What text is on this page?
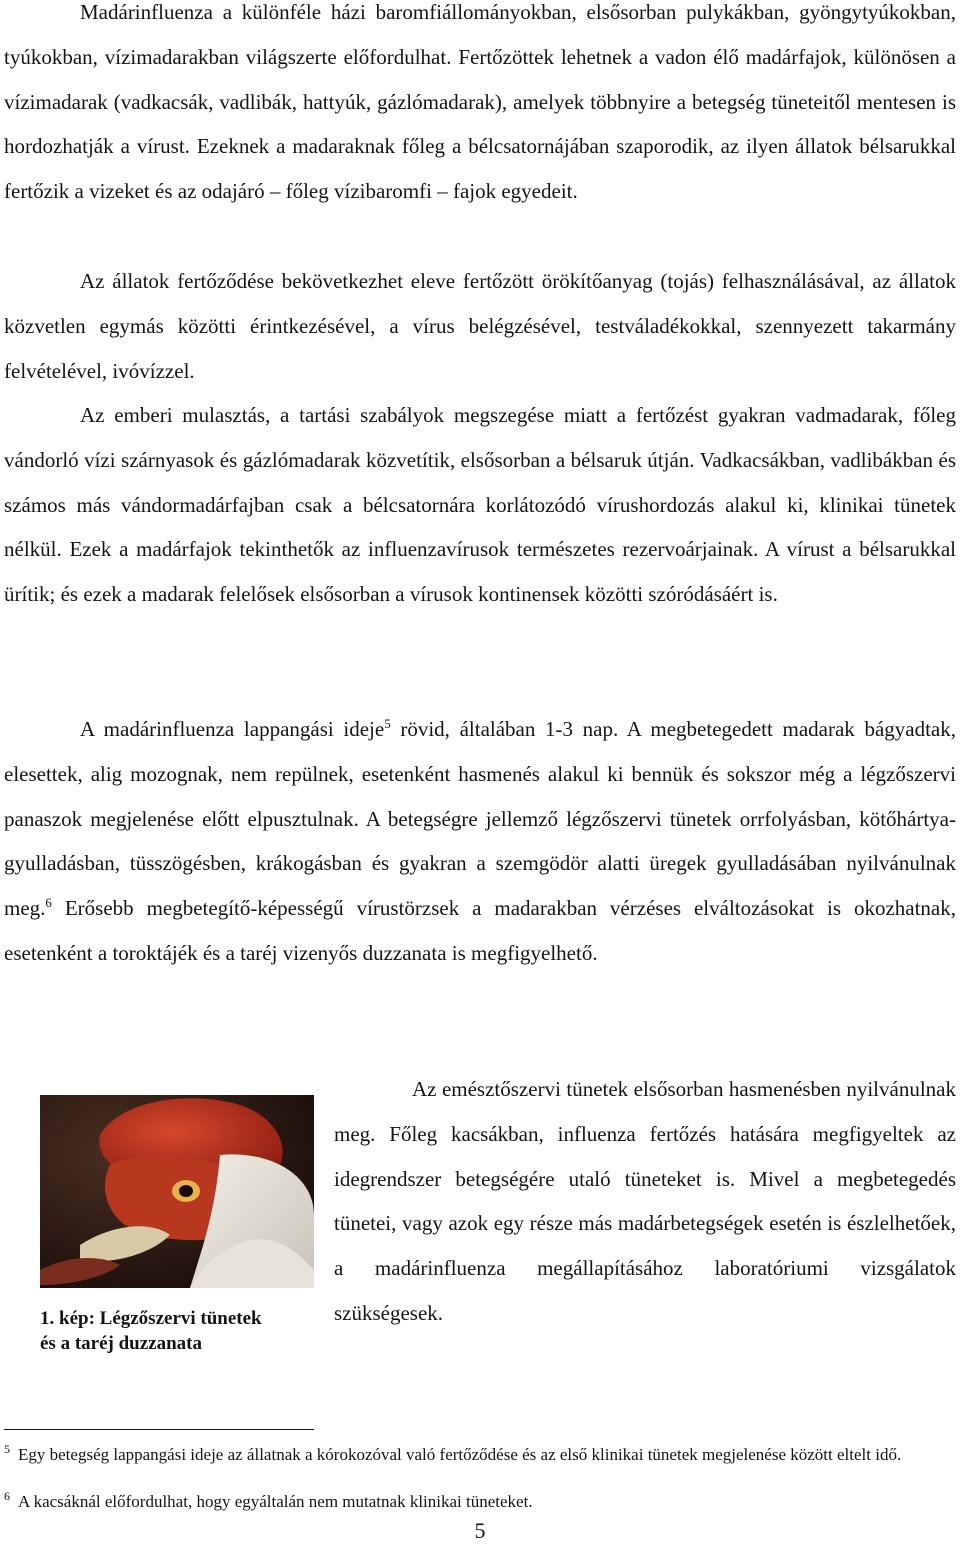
Madárinfluenza a különféle házi baromfiállományokban, elsősorban pulykákban, gyöngytyúkokban, tyúkokban, vízimadarakban világszerte előfordulhat. Fertőzöttek lehetnek a vadon élő madárfajok, különösen a vízimadarak (vadkacsák, vadlibák, hattyúk, gázlómadarak), amelyek többnyire a betegség tüneteitől mentesen is hordozhatják a vírust. Ezeknek a madaraknak főleg a bélcsatornájában szaporodik, az ilyen állatok bélsarukkal fertőzik a vizeket és az odajáró – főleg vízibaromfi – fajok egyedeit.

Az állatok fertőződése bekövetkezhet eleve fertőzött örökítőanyag (tojás) felhasználásával, az állatok közvetlen egymás közötti érintkezésével, a vírus belégzésével, testváladékokkal, szennyezett takarmány felvételével, ivóvízzel.

Az emberi mulasztás, a tartási szabályok megszegése miatt a fertőzést gyakran vadmadarak, főleg vándorló vízi szárnyasok és gázlómadarak közvetítik, elsősorban a bélsaruk útján. Vadkacsákban, vadlibákban és számos más vándormadárfajban csak a bélcsatornára korlátozódó vírushordozás alakul ki, klinikai tünetek nélkül. Ezek a madárfajok tekinthetők az influenzavírusok természetes rezervoárjainak. A vírust a bélsarukkal ürítik; és ezek a madarak felelősek elsősorban a vírusok kontinensek közötti szóródásáért is.

A madárinfluenza lappangási ideje$^5$ rövid, általában 1-3 nap. A megbetegedett madarak bágyadtak, elesettek, alig mozognak, nem repülnek, esetenként hasmenés alakul ki bennük és sokszor még a légzőszervi panaszok megjelenése előtt elpusztulnak. A betegségre jellemző légzőszervi tünetek orrfolyásban, kötőhártya-gyulladásban, tüsszögésben, krákogásban és gyakran a szemgödör alatti üregek gyulladásában nyilvánulnak meg.$^6$ Erősebb megbetegítő-képességű vírustörzsek a madarakban vérzéses elváltozásokat is okozhatnak, esetenként a toroktájék és a taréj vizenyős duzzanata is megfigyelhető.

1. kép: Légzőszervi tünetek
és a taréj duzzanata

Az emésztőszervi tünetek elsősorban hasmenésben nyilvánulnak meg. Főleg kacsákban, influenza fertőzés hatására megfigyeltek az idegrendszer betegségére utaló tüneteket is. Mivel a megbetegedés tünetei, vagy azok egy része más madárbetegségek esetén is észlelhetőek, a madárinfluenza megállapításához laboratóriumi vizsgálatok szükségesek.

$^5$ Egy betegség lappangási ideje az állatnak a kórokozóval való fertőződése és az első klinikai tünetek megjelenése között eltelt idő.

$^6$ A kacsáknál előfordulhat, hogy egyáltalán nem mutatnak klinikai tüneteket.

5
